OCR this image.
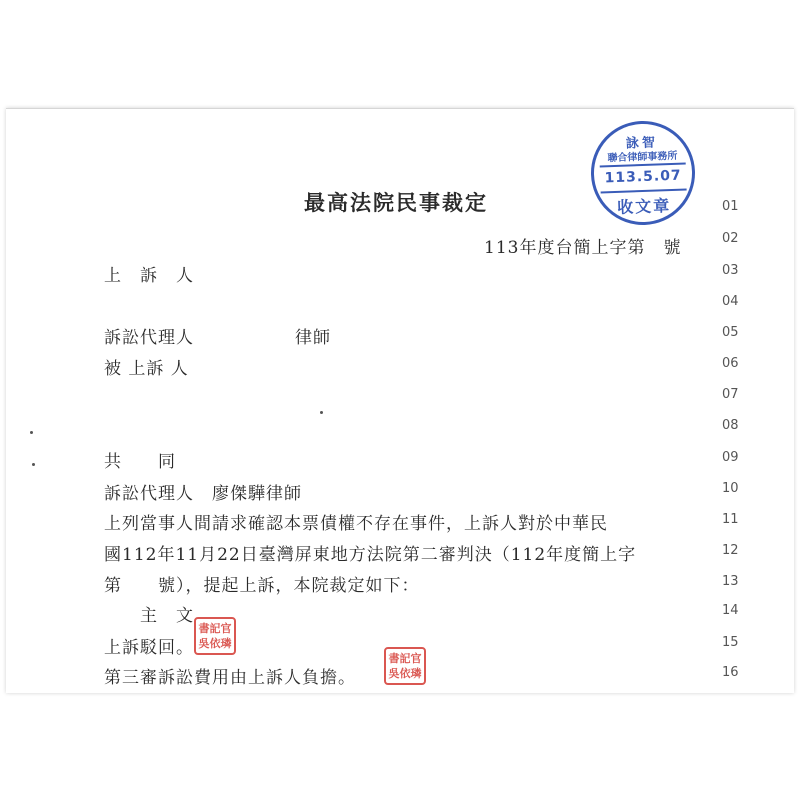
詠智
聯合律師事務所
113.5.07
收文章
最高法院民事裁定
113年度台簡上字第　號
01
02
03
04
05
06
07
08
09
10
11
12
13
14
15
16
上　訴　人
訴訟代理人	律師
被 上訴 人
共　　同
訴訟代理人　廖傑驊律師
上列當事人間請求確認本票債權不存在事件，上訴人對於中華民
國112年11月22日臺灣屏東地方法院第二審判決（112年度簡上字
第　　號），提起上訴，本院裁定如下：
主　文
上訴駁回。
第三審訴訟費用由上訴人負擔。
書記官
吳依璘
書記官
吳依璘
